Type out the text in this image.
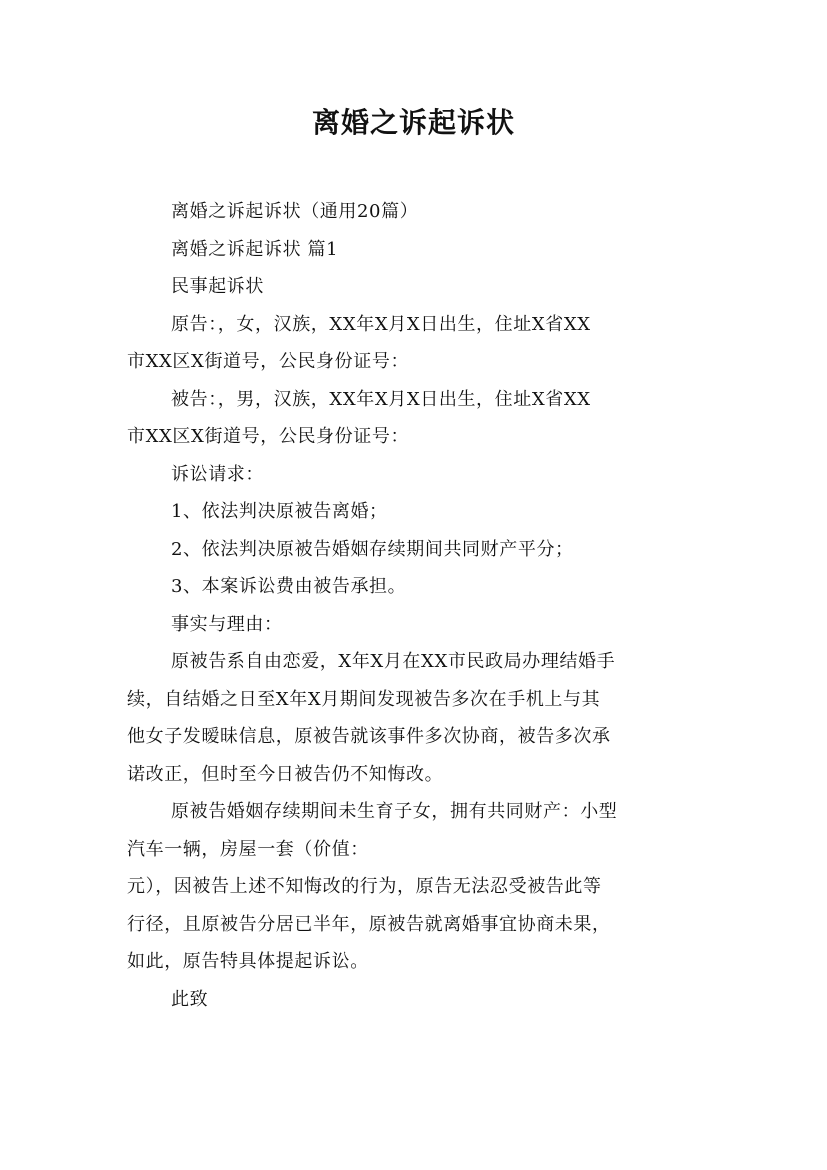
离婚之诉起诉状

离婚之诉起诉状（通用20篇）

离婚之诉起诉状 篇1

民事起诉状

原告：，女，汉族，XX年X月X日出生，住址X省XX
市XX区X街道号，公民身份证号：

被告：，男，汉族，XX年X月X日出生，住址X省XX
市XX区X街道号，公民身份证号：

诉讼请求：

1、依法判决原被告离婚；

2、依法判决原被告婚姻存续期间共同财产平分；

3、本案诉讼费由被告承担。

事实与理由：

原被告系自由恋爱，X年X月在XX市民政局办理结婚手
续，自结婚之日至X年X月期间发现被告多次在手机上与其
他女子发暧昧信息，原被告就该事件多次协商，被告多次承
诺改正，但时至今日被告仍不知悔改。

原被告婚姻存续期间未生育子女，拥有共同财产：小型
汽车一辆，房屋一套（价值：

元），因被告上述不知悔改的行为，原告无法忍受被告此等
行径，且原被告分居已半年，原被告就离婚事宜协商未果，
如此，原告特具体提起诉讼。

此致
